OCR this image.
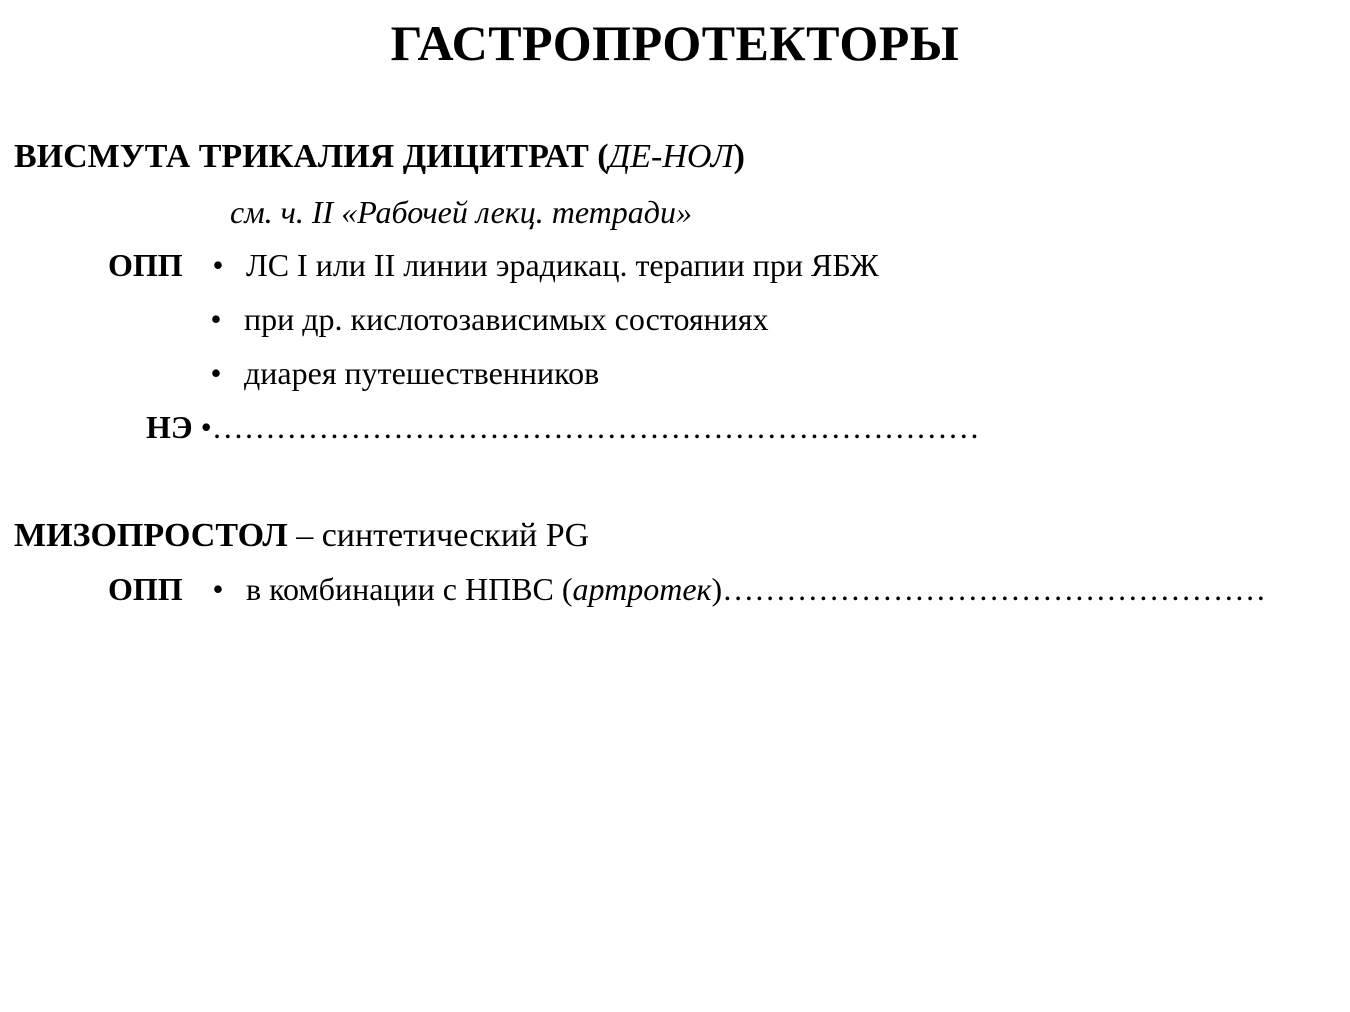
ГАСТРОПРОТЕКТОРЫ
ВИСМУТА ТРИКАЛИЯ ДИЦИТРАТ (ДЕ-НОЛ)
см. ч. II «Рабочей лекц. тетради»
ОПП • ЛС I или II линии эрадикац. терапии при ЯБЖ
• при др. кислотозависимых состояниях
• диарея путешественников
НЭ •………………………………………………………………
МИЗОПРОСТОЛ – синтетический PG
ОПП • в комбинации с НПВС (артротек)……………………………………………
